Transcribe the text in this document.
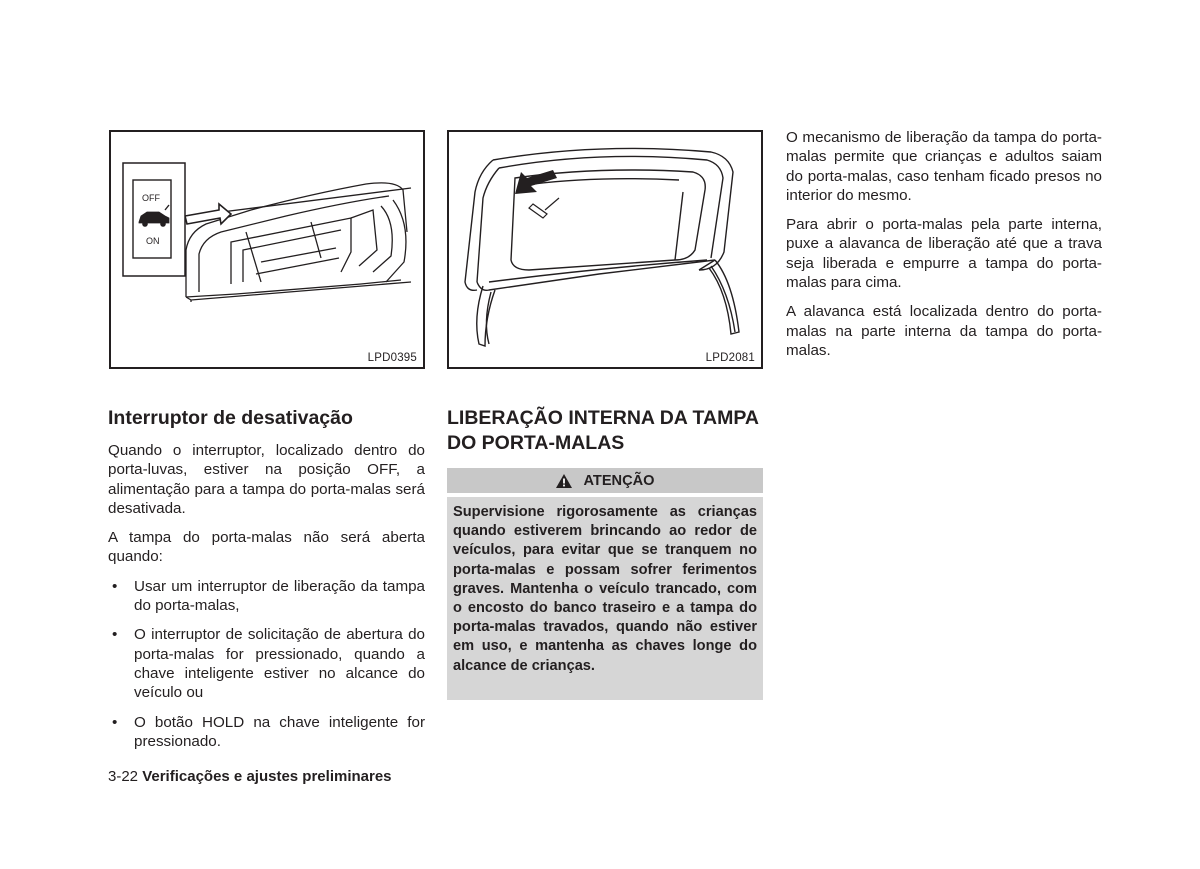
OFF
ON
LPD0395	LPD2081
Interruptor de desativação

Quando o interruptor, localizado dentro do porta-luvas, estiver na posição OFF, a alimentação para a tampa do porta-malas será desativada.

A tampa do porta-malas não será aberta quando:

• Usar um interruptor de liberação da tampa do porta-malas,
• O interruptor de solicitação de abertura do porta-malas for pressionado, quando a chave inteligente estiver no alcance do veículo ou
• O botão HOLD na chave inteligente for pressionado.
LIBERAÇÃO INTERNA DA TAMPA DO PORTA-MALAS
ATENÇÃO
Supervisione rigorosamente as crianças quando estiverem brincando ao redor de veículos, para evitar que se tranquem no porta-malas e possam sofrer ferimentos graves. Mantenha o veículo trancado, com o encosto do banco traseiro e a tampa do porta-malas travados, quando não estiver em uso, e mantenha as chaves longe do alcance de crianças.

O mecanismo de liberação da tampa do porta-malas permite que crianças e adultos saiam do porta-malas, caso tenham ficado presos no interior do mesmo.

Para abrir o porta-malas pela parte interna, puxe a alavanca de liberação até que a trava seja liberada e empurre a tampa do porta-malas para cima.

A alavanca está localizada dentro do porta-malas na parte interna da tampa do porta-malas.

3-22 Verificações e ajustes preliminares
